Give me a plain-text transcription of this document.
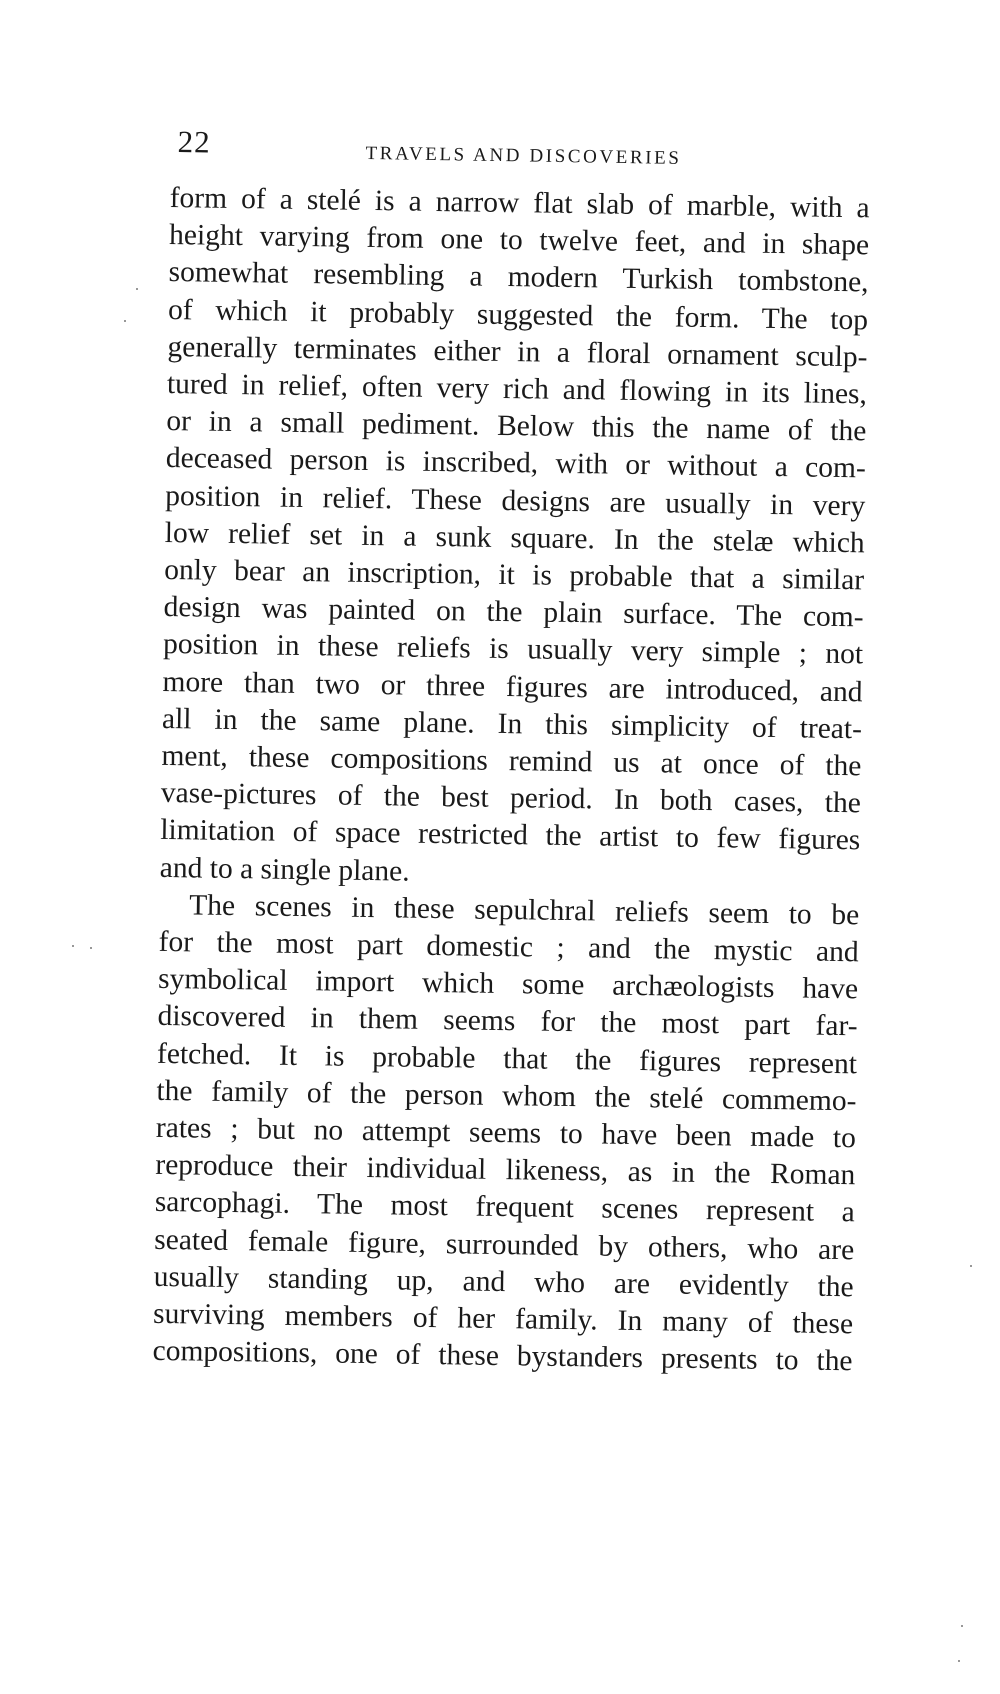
22	TRAVELS AND DISCOVERIES
form of a stelé is a narrow flat slab of marble, with a
height varying from one to twelve feet, and in shape
somewhat resembling a modern Turkish tombstone,
of which it probably suggested the form. The top
generally terminates either in a floral ornament sculp-
tured in relief, often very rich and flowing in its lines,
or in a small pediment. Below this the name of the
deceased person is inscribed, with or without a com-
position in relief. These designs are usually in very
low relief set in a sunk square. In the stelæ which
only bear an inscription, it is probable that a similar
design was painted on the plain surface. The com-
position in these reliefs is usually very simple ; not
more than two or three figures are introduced, and
all in the same plane. In this simplicity of treat-
ment, these compositions remind us at once of the
vase-pictures of the best period. In both cases, the
limitation of space restricted the artist to few figures
and to a single plane.
The scenes in these sepulchral reliefs seem to be
for the most part domestic ; and the mystic and
symbolical import which some archæologists have
discovered in them seems for the most part far-
fetched. It is probable that the figures represent
the family of the person whom the stelé commemo-
rates ; but no attempt seems to have been made to
reproduce their individual likeness, as in the Roman
sarcophagi. The most frequent scenes represent a
seated female figure, surrounded by others, who are
usually standing up, and who are evidently the
surviving members of her family. In many of these
compositions, one of these bystanders presents to the
